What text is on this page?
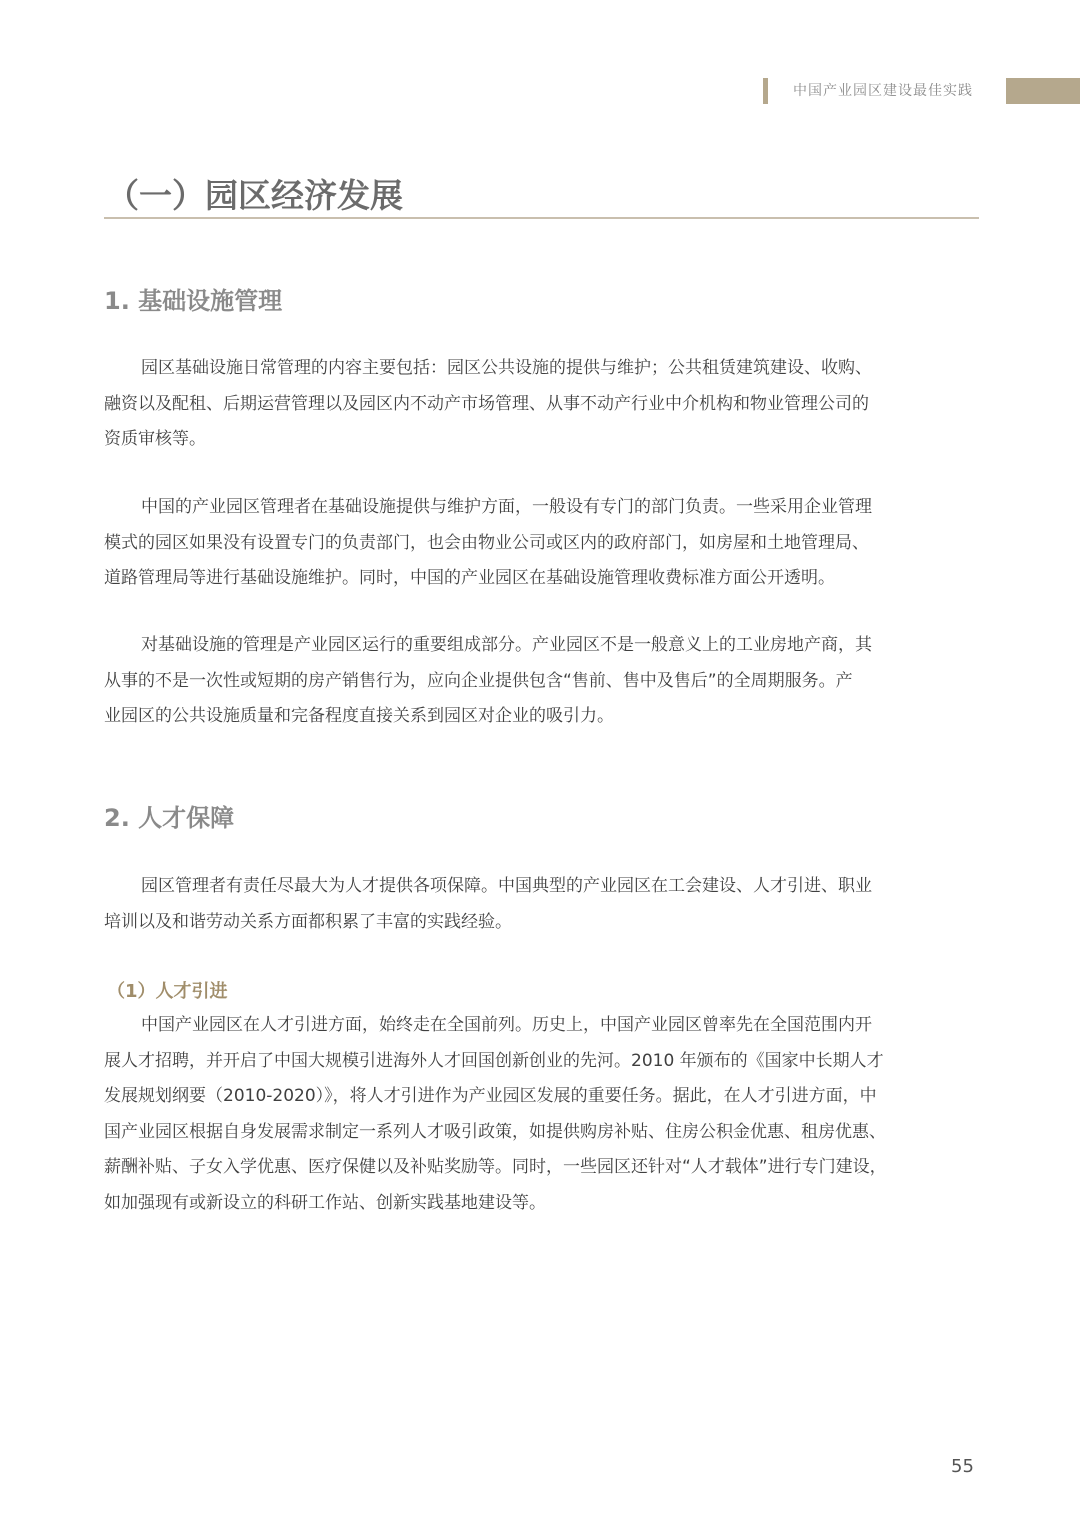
中国产业园区建设最佳实践
（一）园区经济发展
1. 基础设施管理
园区基础设施日常管理的内容主要包括：园区公共设施的提供与维护；公共租赁建筑建设、收购、
融资以及配租、后期运营管理以及园区内不动产市场管理、从事不动产行业中介机构和物业管理公司的
资质审核等。
中国的产业园区管理者在基础设施提供与维护方面，一般设有专门的部门负责。一些采用企业管理
模式的园区如果没有设置专门的负责部门，也会由物业公司或区内的政府部门，如房屋和土地管理局、
道路管理局等进行基础设施维护。同时，中国的产业园区在基础设施管理收费标准方面公开透明。
对基础设施的管理是产业园区运行的重要组成部分。产业园区不是一般意义上的工业房地产商，其
从事的不是一次性或短期的房产销售行为，应向企业提供包含“售前、售中及售后”的全周期服务。产
业园区的公共设施质量和完备程度直接关系到园区对企业的吸引力。
2. 人才保障
园区管理者有责任尽最大为人才提供各项保障。中国典型的产业园区在工会建设、人才引进、职业
培训以及和谐劳动关系方面都积累了丰富的实践经验。
（1）人才引进
中国产业园区在人才引进方面，始终走在全国前列。历史上，中国产业园区曾率先在全国范围内开
展人才招聘，并开启了中国大规模引进海外人才回国创新创业的先河。2010 年颁布的《国家中长期人才
发展规划纲要（2010-2020）》，将人才引进作为产业园区发展的重要任务。据此，在人才引进方面，中
国产业园区根据自身发展需求制定一系列人才吸引政策，如提供购房补贴、住房公积金优惠、租房优惠、
薪酬补贴、子女入学优惠、医疗保健以及补贴奖励等。同时，一些园区还针对“人才载体”进行专门建设，
如加强现有或新设立的科研工作站、创新实践基地建设等。
55
